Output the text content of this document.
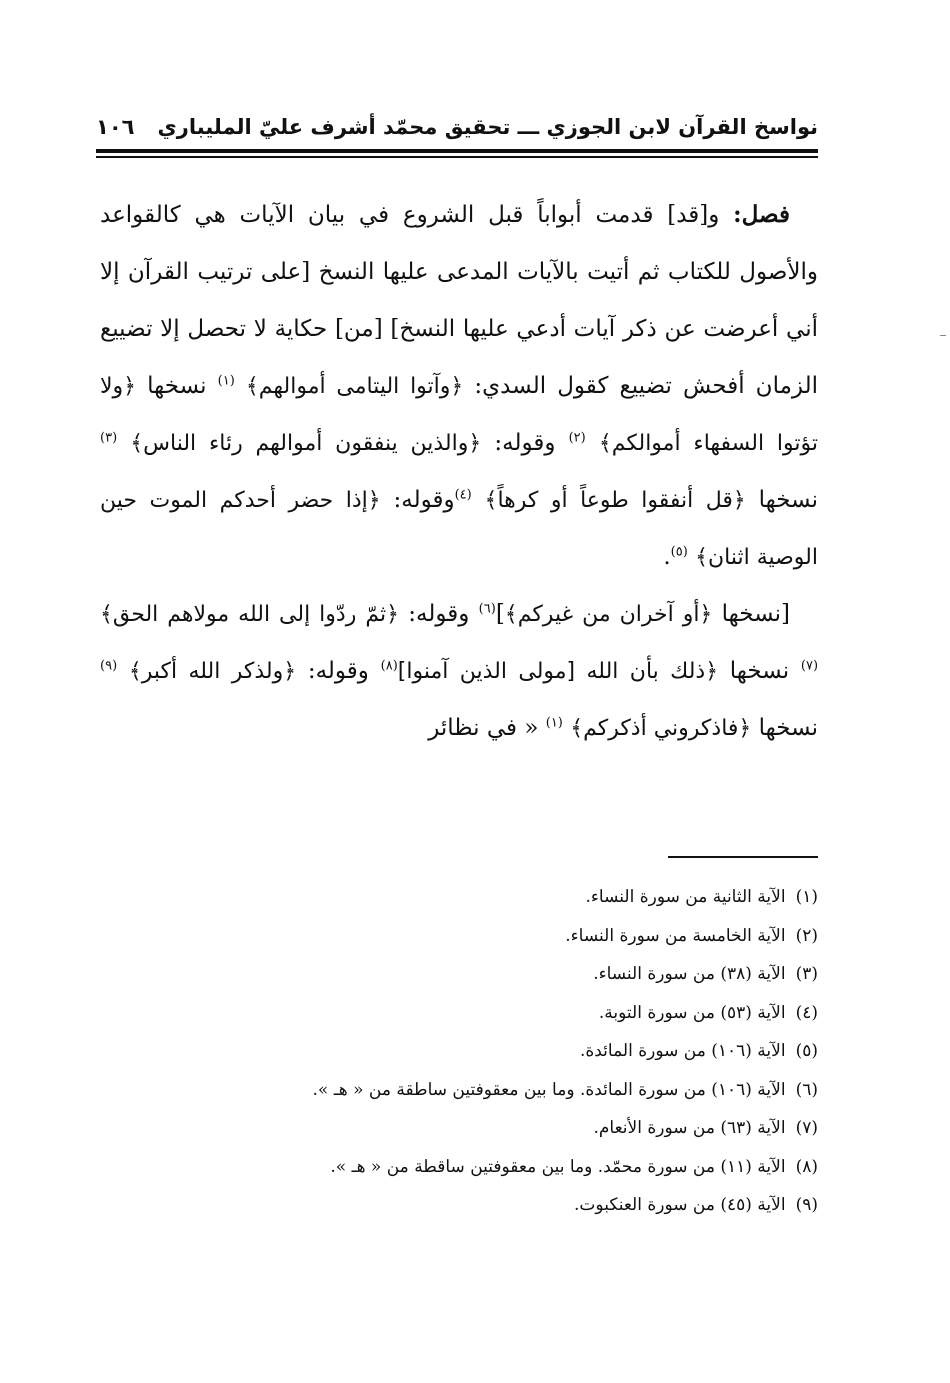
نواسخ القرآن لابن الجوزي ـــ تحقيق محمّد أشرف عليّ المليباري
١٠٦

فصل: و[قد] قدمت أبواباً قبل الشروع في بيان الآيات هي كالقواعد والأصول للكتاب ثم أتيت بالآيات المدعى عليها النسخ [على ترتيب القرآن إلا أني أعرضت عن ذكر آيات أدعي عليها النسخ] [من] حكاية لا تحصل إلا تضييع الزمان أفحش تضييع كقول السدي: ﴿وآتوا اليتامى أموالهم﴾ $^{(١)}$ نسخها ﴿ولا تؤتوا السفهاء أموالكم﴾ $^{(٢)}$ وقوله: ﴿والذين ينفقون أموالهم رئاء الناس﴾ $^{(٣)}$ نسخها ﴿قل أنفقوا طوعاً أو كرهاً﴾ $^{(٤)}$وقوله: ﴿إذا حضر أحدكم الموت حين الوصية اثنان﴾ $^{(٥)}$.

[نسخها ﴿أو آخران من غيركم﴾]$^{(٦)}$ وقوله: ﴿ثمّ ردّوا إلى الله مولاهم الحق﴾ $^{(٧)}$ نسخها ﴿ذلك بأن الله [مولى الذين آمنوا]$^{(٨)}$ وقوله: ﴿ولذكر الله أكبر﴾ $^{(٩)}$ نسخها ﴿فاذكروني أذكركم﴾ $^{(١)}$ « في نظائر

(١)الآية الثانية من سورة النساء.
(٢)الآية الخامسة من سورة النساء.
(٣)الآية (٣٨) من سورة النساء.
(٤)الآية (٥٣) من سورة التوبة.
(٥)الآية (١٠٦) من سورة المائدة.
(٦)الآية (١٠٦) من سورة المائدة. وما بين معقوفتين ساطقة من « هـ ».
(٧)الآية (٦٣) من سورة الأنعام.
(٨)الآية (١١) من سورة محمّد. وما بين معقوفتين ساقطة من « هـ ».
(٩)الآية (٤٥) من سورة العنكبوت.
